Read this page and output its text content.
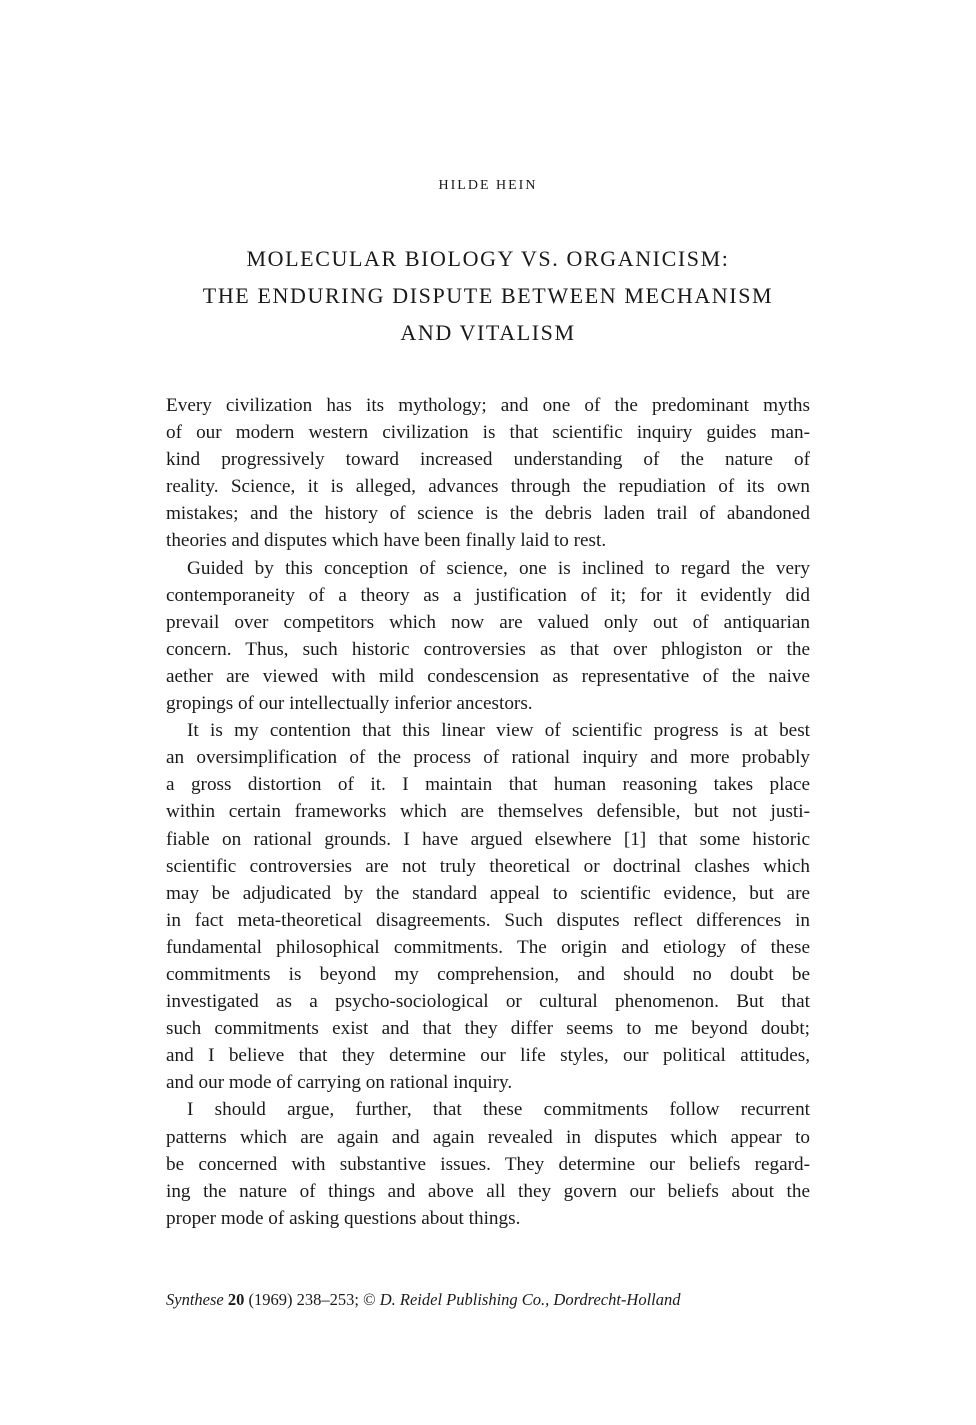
HILDE HEIN
MOLECULAR BIOLOGY VS. ORGANICISM:
THE ENDURING DISPUTE BETWEEN MECHANISM
AND VITALISM
Every civilization has its mythology; and one of the predominant myths
of our modern western civilization is that scientific inquiry guides man-
kind progressively toward increased understanding of the nature of
reality. Science, it is alleged, advances through the repudiation of its own
mistakes; and the history of science is the debris laden trail of abandoned
theories and disputes which have been finally laid to rest.
Guided by this conception of science, one is inclined to regard the very
contemporaneity of a theory as a justification of it; for it evidently did
prevail over competitors which now are valued only out of antiquarian
concern. Thus, such historic controversies as that over phlogiston or the
aether are viewed with mild condescension as representative of the naive
gropings of our intellectually inferior ancestors.
It is my contention that this linear view of scientific progress is at best
an oversimplification of the process of rational inquiry and more probably
a gross distortion of it. I maintain that human reasoning takes place
within certain frameworks which are themselves defensible, but not justi-
fiable on rational grounds. I have argued elsewhere [1] that some historic
scientific controversies are not truly theoretical or doctrinal clashes which
may be adjudicated by the standard appeal to scientific evidence, but are
in fact meta-theoretical disagreements. Such disputes reflect differences in
fundamental philosophical commitments. The origin and etiology of these
commitments is beyond my comprehension, and should no doubt be
investigated as a psycho-sociological or cultural phenomenon. But that
such commitments exist and that they differ seems to me beyond doubt;
and I believe that they determine our life styles, our political attitudes,
and our mode of carrying on rational inquiry.
I should argue, further, that these commitments follow recurrent
patterns which are again and again revealed in disputes which appear to
be concerned with substantive issues. They determine our beliefs regard-
ing the nature of things and above all they govern our beliefs about the
proper mode of asking questions about things.
Synthese 20 (1969) 238–253; © D. Reidel Publishing Co., Dordrecht-Holland
